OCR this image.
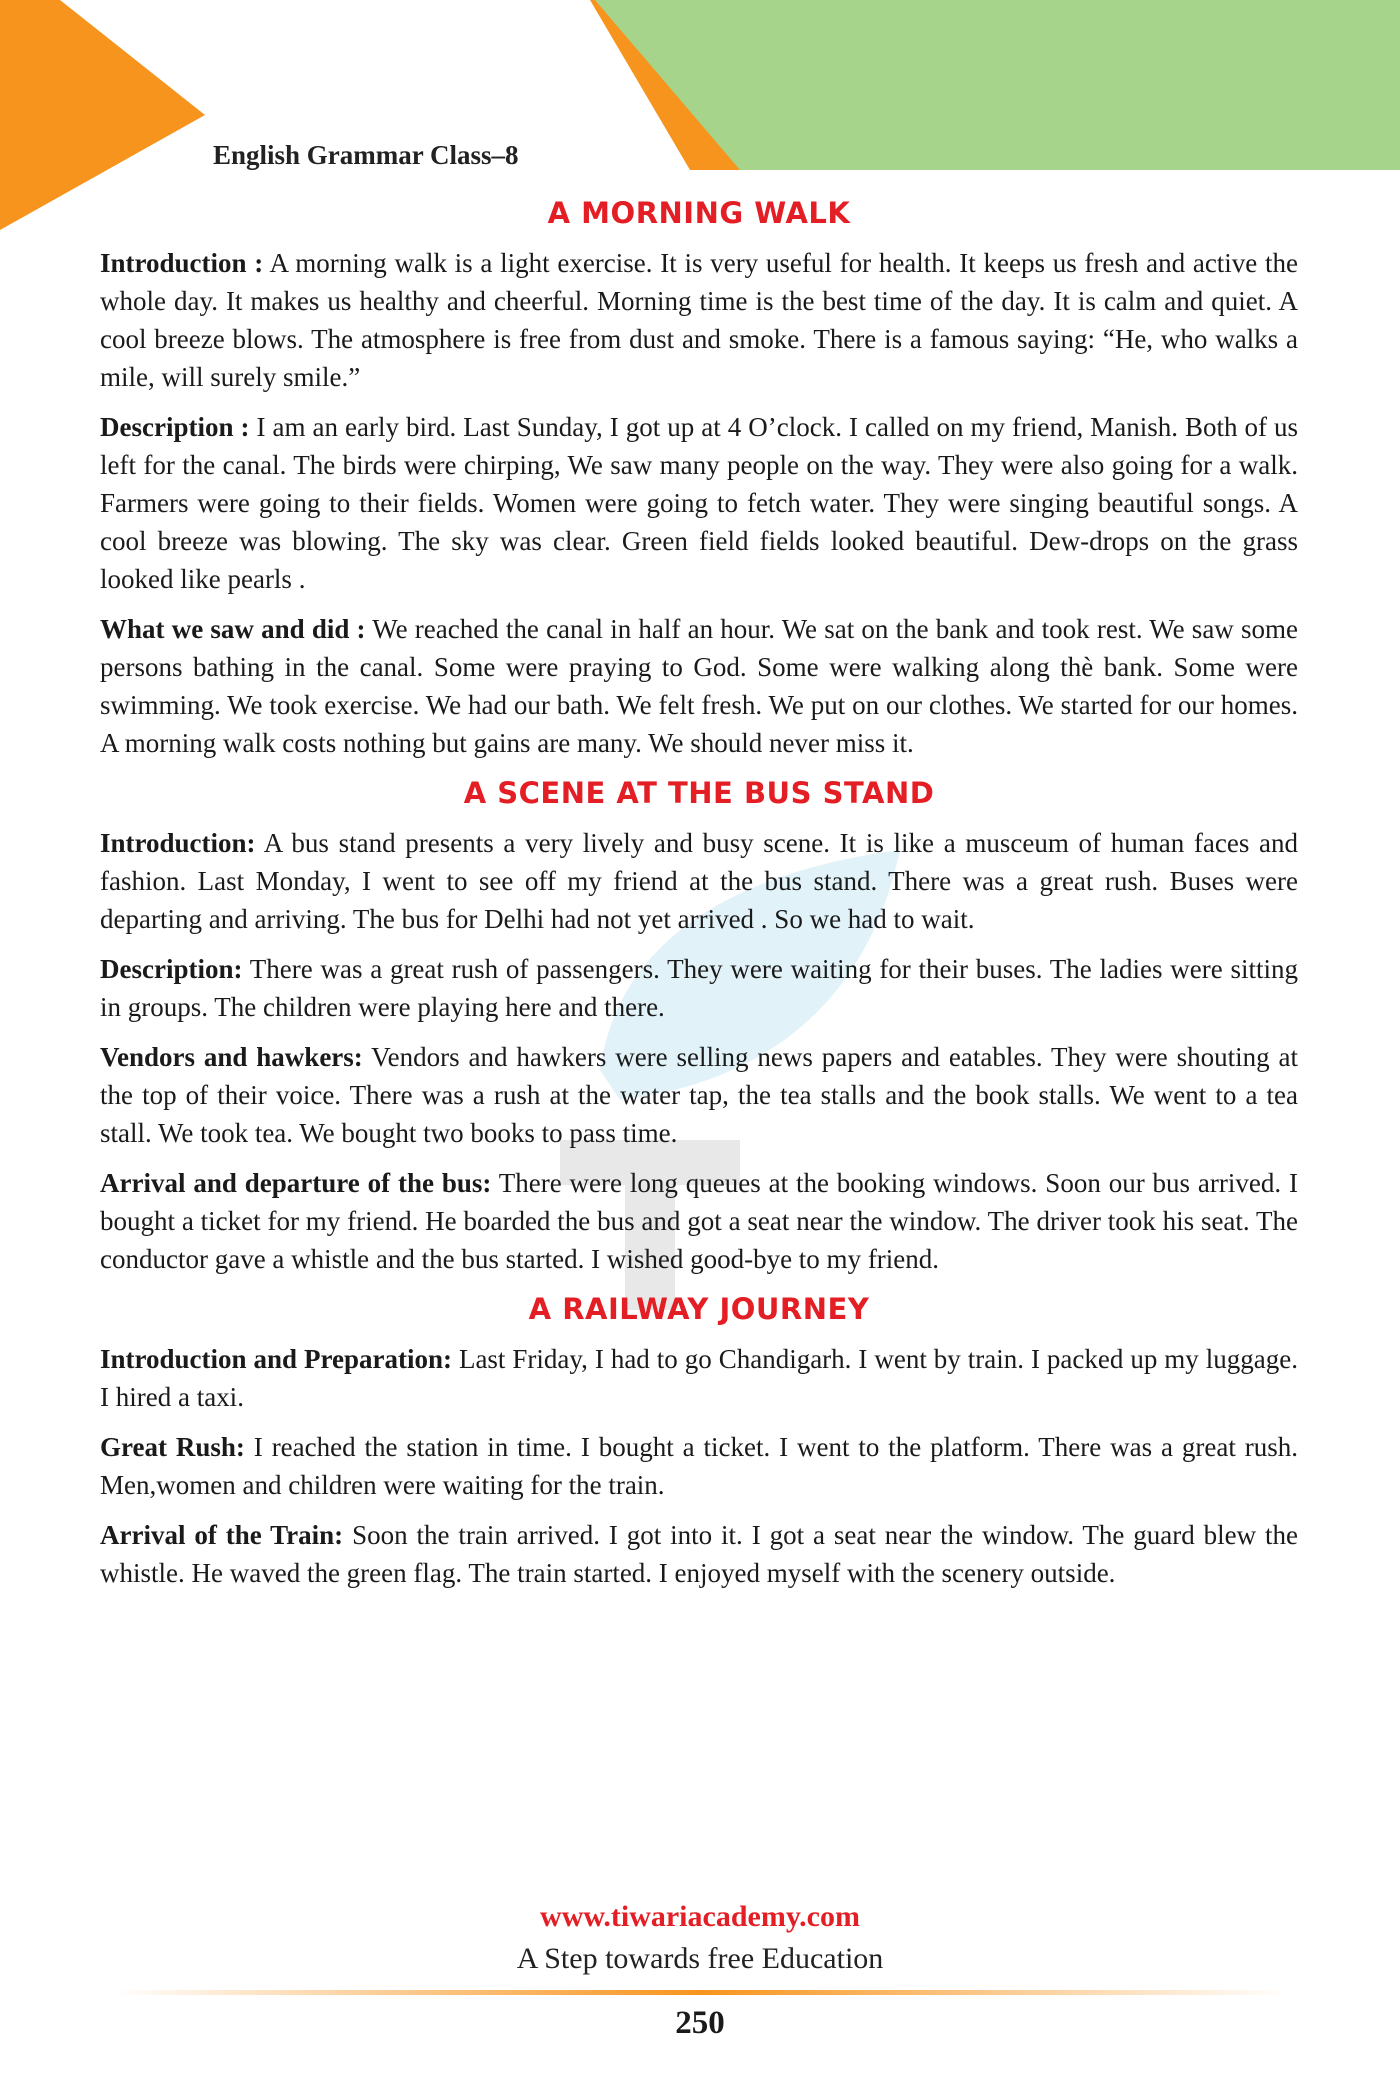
English Grammar Class–8
A MORNING WALK

Introduction : A morning walk is a light exercise. It is very useful for health. It keeps us fresh and active the whole day. It makes us healthy and cheerful. Morning time is the best time of the day. It is calm and quiet. A cool breeze blows. The atmosphere is free from dust and smoke. There is a famous saying: “He, who walks a mile, will surely smile.”

Description : I am an early bird. Last Sunday, I got up at 4 O’clock. I called on my friend, Manish. Both of us left for the canal. The birds were chirping, We saw many people on the way. They were also going for a walk. Farmers were going to their fields. Women were going to fetch water. They were singing beautiful songs. A cool breeze was blowing. The sky was clear. Green field fields looked beautiful. Dew-drops on the grass looked like pearls .

What we saw and did : We reached the canal in half an hour. We sat on the bank and took rest. We saw some persons bathing in the canal. Some were praying to God. Some were walking along thè bank. Some were swimming. We took exercise. We had our bath. We felt fresh. We put on our clothes. We started for our homes. A morning walk costs nothing but gains are many. We should never miss it.

A SCENE AT THE BUS STAND

Introduction: A bus stand presents a very lively and busy scene. It is like a musceum of human faces and fashion. Last Monday, I went to see off my friend at the bus stand. There was a great rush. Buses were departing and arriving. The bus for Delhi had not yet arrived . So we had to wait.

Description: There was a great rush of passengers. They were waiting for their buses. The ladies were sitting in groups. The children were playing here and there.

Vendors and hawkers: Vendors and hawkers were selling news papers and eatables. They were shouting at the top of their voice. There was a rush at the water tap, the tea stalls and the book stalls. We went to a tea stall. We took tea. We bought two books to pass time.

Arrival and departure of the bus: There were long queues at the booking windows. Soon our bus arrived. I bought a ticket for my friend. He boarded the bus and got a seat near the window. The driver took his seat. The conductor gave a whistle and the bus started. I wished good-bye to my friend.

A RAILWAY JOURNEY

Introduction and Preparation: Last Friday, I had to go Chandigarh. I went by train. I packed up my luggage. I hired a taxi.

Great Rush: I reached the station in time. I bought a ticket. I went to the platform. There was a great rush. Men,women and children were waiting for the train.

Arrival of the Train: Soon the train arrived. I got into it. I got a seat near the window. The guard blew the whistle. He waved the green flag. The train started. I enjoyed myself with the scenery outside.

www.tiwariacademy.com
A Step towards free Education
250
